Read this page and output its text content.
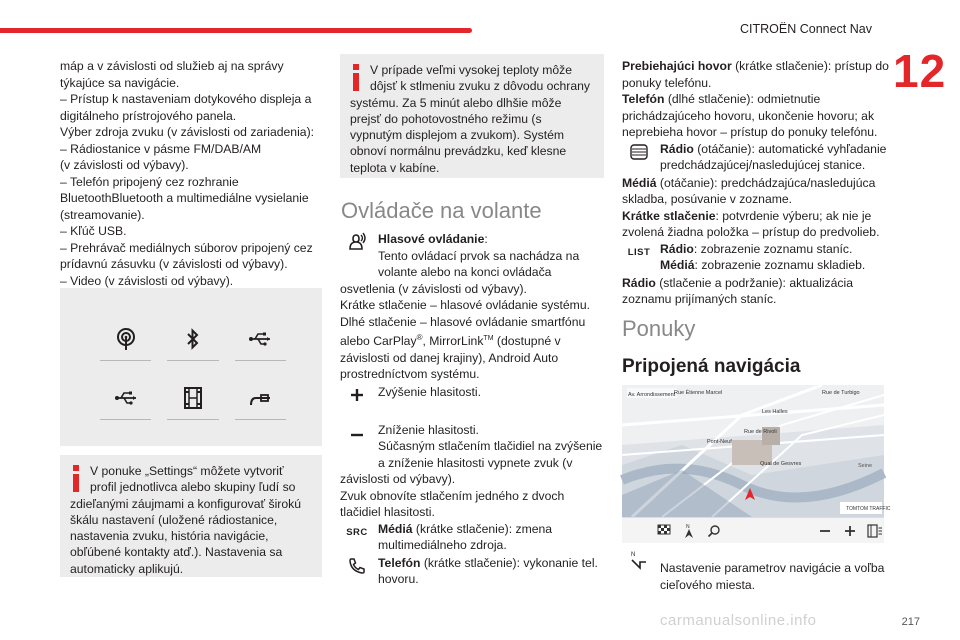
CITROËN Connect Nav
12

máp a v závislosti od služieb aj na správy

týkajúce sa navigácie.

– Prístup k nastaveniam dotykového displeja a

digitálneho prístrojového panela.

Výber zdroja zvuku (v závislosti od zariadenia):

– Rádiostanice v pásme FM/DAB/AM

(v závislosti od výbavy).

– Telefón pripojený cez rozhranie

BluetoothBluetooth a multimediálne vysielanie

(streamovanie).

– Kľúč USB.

– Prehrávač mediálnych súborov pripojený cez

prídavnú zásuvku (v závislosti od výbavy).

– Video (v závislosti od výbavy).

V ponuke „Settings“ môžete vytvoriť profil jednotlivca alebo skupiny ľudí so zdieľanými záujmami a konfigurovať širokú škálu nastavení (uložené rádiostanice, nastavenia zvuku, história navigácie, obľúbené kontakty atď.). Nastavenia sa automaticky aplikujú.
V prípade veľmi vysokej teploty môže dôjsť k stlmeniu zvuku z dôvodu ochrany systému. Za 5 minút alebo dlhšie môže prejsť do pohotovostného režimu (s vypnutým displejom a zvukom). Systém obnoví normálnu prevádzku, keď klesne teplota v kabíne.
Ovládače na volante

Hlasové ovládanie:

Tento ovládací prvok sa nachádza na volante alebo na konci ovládača osvetlenia (v závislosti od výbavy).

Krátke stlačenie – hlasové ovládanie systému.

Dlhé stlačenie – hlasové ovládanie smartfónu alebo CarPlay®, MirrorLink™ (dostupné v závislosti od danej krajiny), Android Auto prostredníctvom systému.

Zvýšenie hlasitosti.

Zníženie hlasitosti.

Súčasným stlačením tlačidiel na zvýšenie a zníženie hlasitosti vypnete zvuk (v závislosti od výbavy).

Zvuk obnovíte stlačením jedného z dvoch tlačidiel hlasitosti.

SRC Médiá (krátke stlačenie): zmena multimediálneho zdroja.

Telefón (krátke stlačenie): vykonanie tel. hovoru.

Prebiehajúci hovor (krátke stlačenie): prístup do ponuky telefónu.

Telefón (dlhé stlačenie): odmietnutie prichádzajúceho hovoru, ukončenie hovoru; ak neprebieha hovor – prístup do ponuky telefónu.

Rádio (otáčanie): automatické vyhľadanie predchádzajúcej/nasledujúcej stanice.

Médiá (otáčanie): predchádzajúca/nasledujúca skladba, posúvanie v zozname.

Krátke stlačenie: potvrdenie výberu; ak nie je zvolená žiadna položka – prístup do predvolieb.

LIST Rádio: zobrazenie zoznamu staníc.

Médiá: zobrazenie zoznamu skladieb.

Rádio (stlačenie a podržanie): aktualizácia zoznamu prijímaných staníc.

Ponuky
Pripojená navigácia
Av. Arrondissement
Rue Étienne Marcel	Rue de Turbigo
Les Halles
Rue de Rivoli
Pont-Neuf
Quai de Gesvres	Seine
TOMTOM TRAFFIC
N
N

Nastavenie parametrov navigácie a voľba cieľového miesta.

carmanualsonline.info	217
